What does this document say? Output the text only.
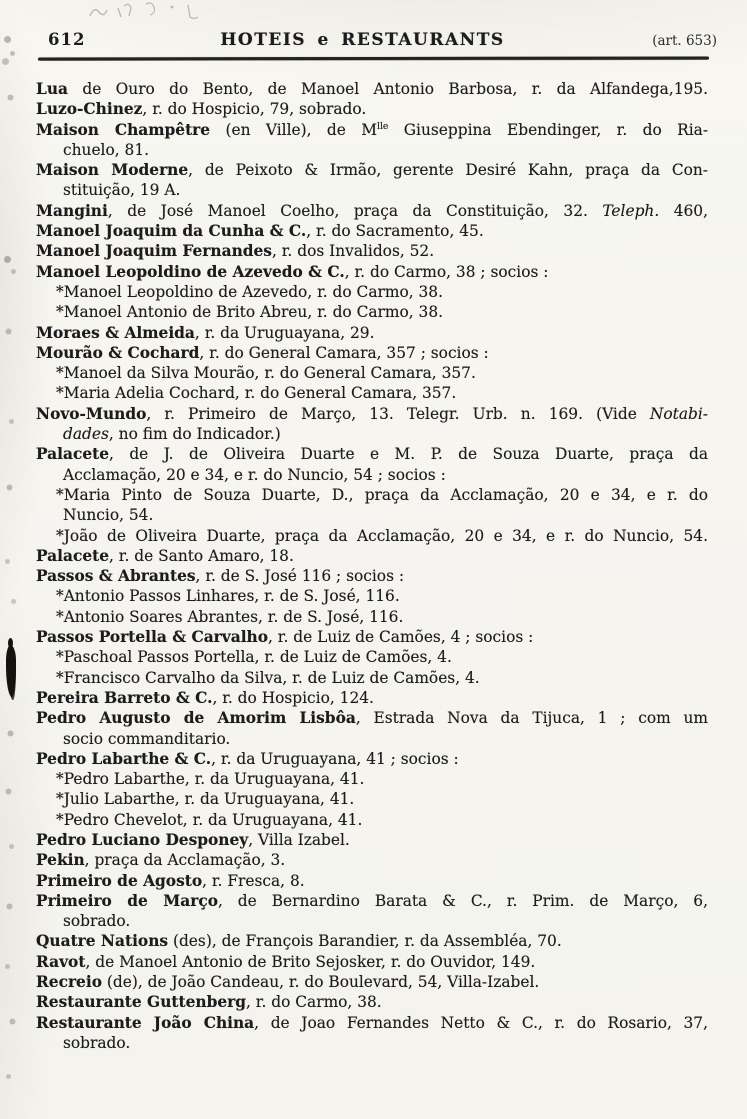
612	HOTEIS e RESTAURANTS	(art. 653)
Lua de Ouro do Bento, de Manoel Antonio Barbosa, r. da Alfandega,195.
Luzo-Chinez, r. do Hospicio, 79, sobrado.
Maison Champêtre (en Ville), de $M^{lle}$ Giuseppina Ebendinger, r. do Ria-
chuelo, 81.
Maison Moderne, de Peixoto & Irmão, gerente Desiré Kahn, praça da Con-
stituição, 19 A.
Mangini, de José Manoel Coelho, praça da Constituição, 32. Teleph. 460,
Manoel Joaquim da Cunha & C., r. do Sacramento, 45.
Manoel Joaquim Fernandes, r. dos Invalidos, 52.
Manoel Leopoldino de Azevedo & C., r. do Carmo, 38 ; socios :
*Manoel Leopoldino de Azevedo, r. do Carmo, 38.
*Manoel Antonio de Brito Abreu, r. do Carmo, 38.
Moraes & Almeida, r. da Uruguayana, 29.
Mourão & Cochard, r. do General Camara, 357 ; socios :
*Manoel da Silva Mourão, r. do General Camara, 357.
*Maria Adelia Cochard, r. do General Camara, 357.
Novo-Mundo, r. Primeiro de Março, 13. Telegr. Urb. n. 169. (Vide Notabi-
dades, no fim do Indicador.)
Palacete, de J. de Oliveira Duarte e M. P. de Souza Duarte, praça da
Acclamação, 20 e 34, e r. do Nuncio, 54 ; socios :
*Maria Pinto de Souza Duarte, D., praça da Acclamação, 20 e 34, e r. do
Nuncio, 54.
*João de Oliveira Duarte, praça da Acclamação, 20 e 34, e r. do Nuncio, 54.
Palacete, r. de Santo Amaro, 18.
Passos & Abrantes, r. de S. José 116 ; socios :
*Antonio Passos Linhares, r. de S. José, 116.
*Antonio Soares Abrantes, r. de S. José, 116.
Passos Portella & Carvalho, r. de Luiz de Camões, 4 ; socios :
*Paschoal Passos Portella, r. de Luiz de Camões, 4.
*Francisco Carvalho da Silva, r. de Luiz de Camões, 4.
Pereira Barreto & C., r. do Hospicio, 124.
Pedro Augusto de Amorim Lisbôa, Estrada Nova da Tijuca, 1 ; com um
socio commanditario.
Pedro Labarthe & C., r. da Uruguayana, 41 ; socios :
*Pedro Labarthe, r. da Uruguayana, 41.
*Julio Labarthe, r. da Uruguayana, 41.
*Pedro Chevelot, r. da Uruguayana, 41.
Pedro Luciano Desponey, Villa Izabel.
Pekin, praça da Acclamação, 3.
Primeiro de Agosto, r. Fresca, 8.
Primeiro de Março, de Bernardino Barata & C., r. Prim. de Março, 6,
sobrado.
Quatre Nations (des), de François Barandier, r. da Assembléa, 70.
Ravot, de Manoel Antonio de Brito Sejosker, r. do Ouvidor, 149.
Recreio (de), de João Candeau, r. do Boulevard, 54, Villa-Izabel.
Restaurante Guttenberg, r. do Carmo, 38.
Restaurante João China, de Joao Fernandes Netto & C., r. do Rosario, 37,
sobrado.
